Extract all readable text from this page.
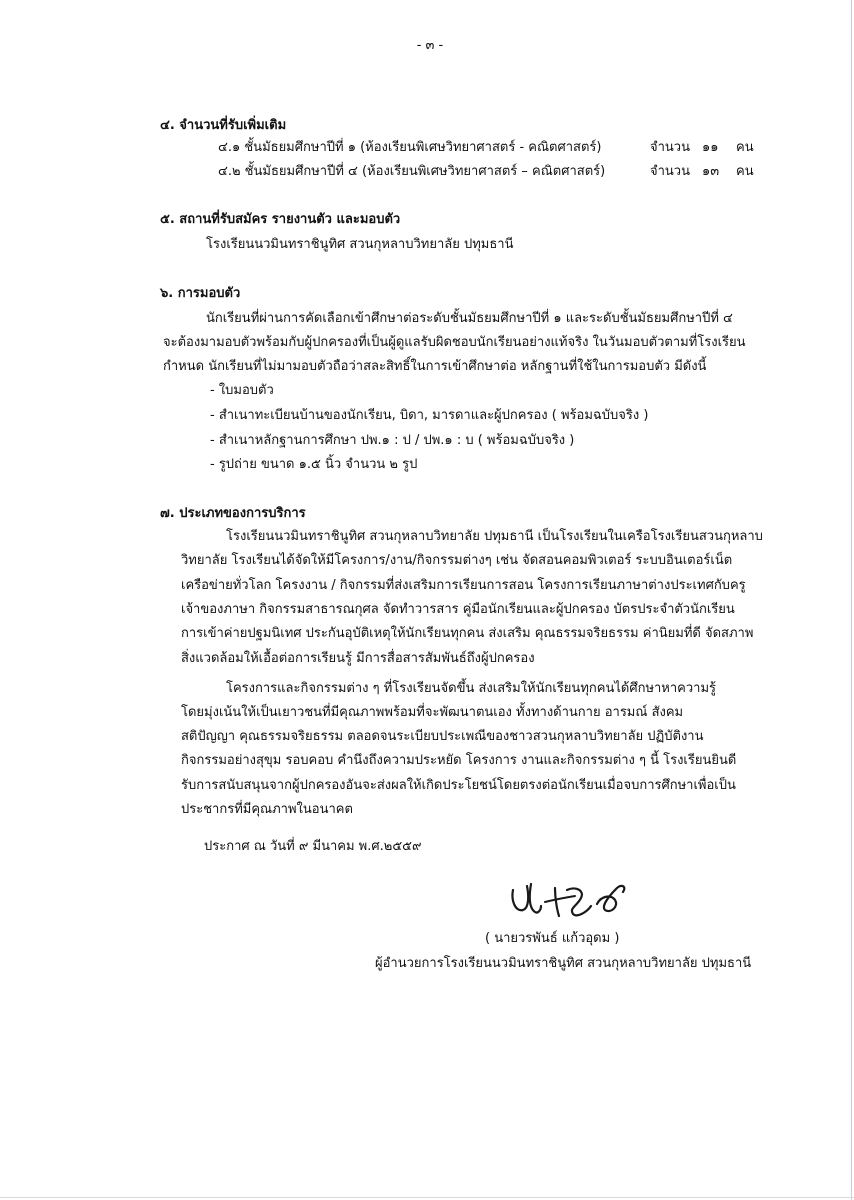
- ๓ -
๔. จำนวนที่รับเพิ่มเติม
๔.๑ ชั้นมัธยมศึกษาปีที่ ๑ (ห้องเรียนพิเศษวิทยาศาสตร์ - คณิตศาสตร์)	จำนวน ๑๑ คน
๔.๒ ชั้นมัธยมศึกษาปีที่ ๔ (ห้องเรียนพิเศษวิทยาศาสตร์ – คณิตศาสตร์)	จำนวน ๑๓ คน
๕. สถานที่รับสมัคร รายงานตัว และมอบตัว
โรงเรียนนวมินทราชินูทิศ สวนกุหลาบวิทยาลัย ปทุมธานี
๖. การมอบตัว
นักเรียนที่ผ่านการคัดเลือกเข้าศึกษาต่อระดับชั้นมัธยมศึกษาปีที่ ๑ และระดับชั้นมัธยมศึกษาปีที่ ๔
จะต้องมามอบตัวพร้อมกับผู้ปกครองที่เป็นผู้ดูแลรับผิดชอบนักเรียนอย่างแท้จริง ในวันมอบตัวตามที่โรงเรียน
กำหนด นักเรียนที่ไม่มามอบตัวถือว่าสละสิทธิ์ในการเข้าศึกษาต่อ หลักฐานที่ใช้ในการมอบตัว มีดังนี้
- ใบมอบตัว
- สำเนาทะเบียนบ้านของนักเรียน, บิดา, มารดาและผู้ปกครอง ( พร้อมฉบับจริง )
- สำเนาหลักฐานการศึกษา ปพ.๑ : ป / ปพ.๑ : บ ( พร้อมฉบับจริง )
- รูปถ่าย ขนาด ๑.๕ นิ้ว จำนวน ๒ รูป
๗. ประเภทของการบริการ
โรงเรียนนวมินทราชินูทิศ สวนกุหลาบวิทยาลัย ปทุมธานี เป็นโรงเรียนในเครือโรงเรียนสวนกุหลาบ
วิทยาลัย โรงเรียนได้จัดให้มีโครงการ/งาน/กิจกรรมต่างๆ เช่น จัดสอนคอมพิวเตอร์ ระบบอินเตอร์เน็ต
เครือข่ายทั่วโลก โครงงาน / กิจกรรมที่ส่งเสริมการเรียนการสอน โครงการเรียนภาษาต่างประเทศกับครู
เจ้าของภาษา กิจกรรมสาธารณกุศล จัดทำวารสาร คู่มือนักเรียนและผู้ปกครอง บัตรประจำตัวนักเรียน
การเข้าค่ายปฐมนิเทศ ประกันอุบัติเหตุให้นักเรียนทุกคน ส่งเสริม คุณธรรมจริยธรรม ค่านิยมที่ดี จัดสภาพ
สิ่งแวดล้อมให้เอื้อต่อการเรียนรู้ มีการสื่อสารสัมพันธ์ถึงผู้ปกครอง
โครงการและกิจกรรมต่าง ๆ ที่โรงเรียนจัดขึ้น ส่งเสริมให้นักเรียนทุกคนได้ศึกษาหาความรู้
โดยมุ่งเน้นให้เป็นเยาวชนที่มีคุณภาพพร้อมที่จะพัฒนาตนเอง ทั้งทางด้านกาย อารมณ์ สังคม
สติปัญญา คุณธรรมจริยธรรม ตลอดจนระเบียบประเพณีของชาวสวนกุหลาบวิทยาลัย ปฏิบัติงาน
กิจกรรมอย่างสุขุม รอบคอบ คำนึงถึงความประหยัด โครงการ งานและกิจกรรมต่าง ๆ นี้ โรงเรียนยินดี
รับการสนับสนุนจากผู้ปกครองอันจะส่งผลให้เกิดประโยชน์โดยตรงต่อนักเรียนเมื่อจบการศึกษาเพื่อเป็น
ประชากรที่มีคุณภาพในอนาคต
ประกาศ ณ วันที่ ๙ มีนาคม พ.ศ.๒๕๕๙
( นายวรพันธ์ แก้วอุดม )
ผู้อำนวยการโรงเรียนนวมินทราชินูทิศ สวนกุหลาบวิทยาลัย ปทุมธานี
